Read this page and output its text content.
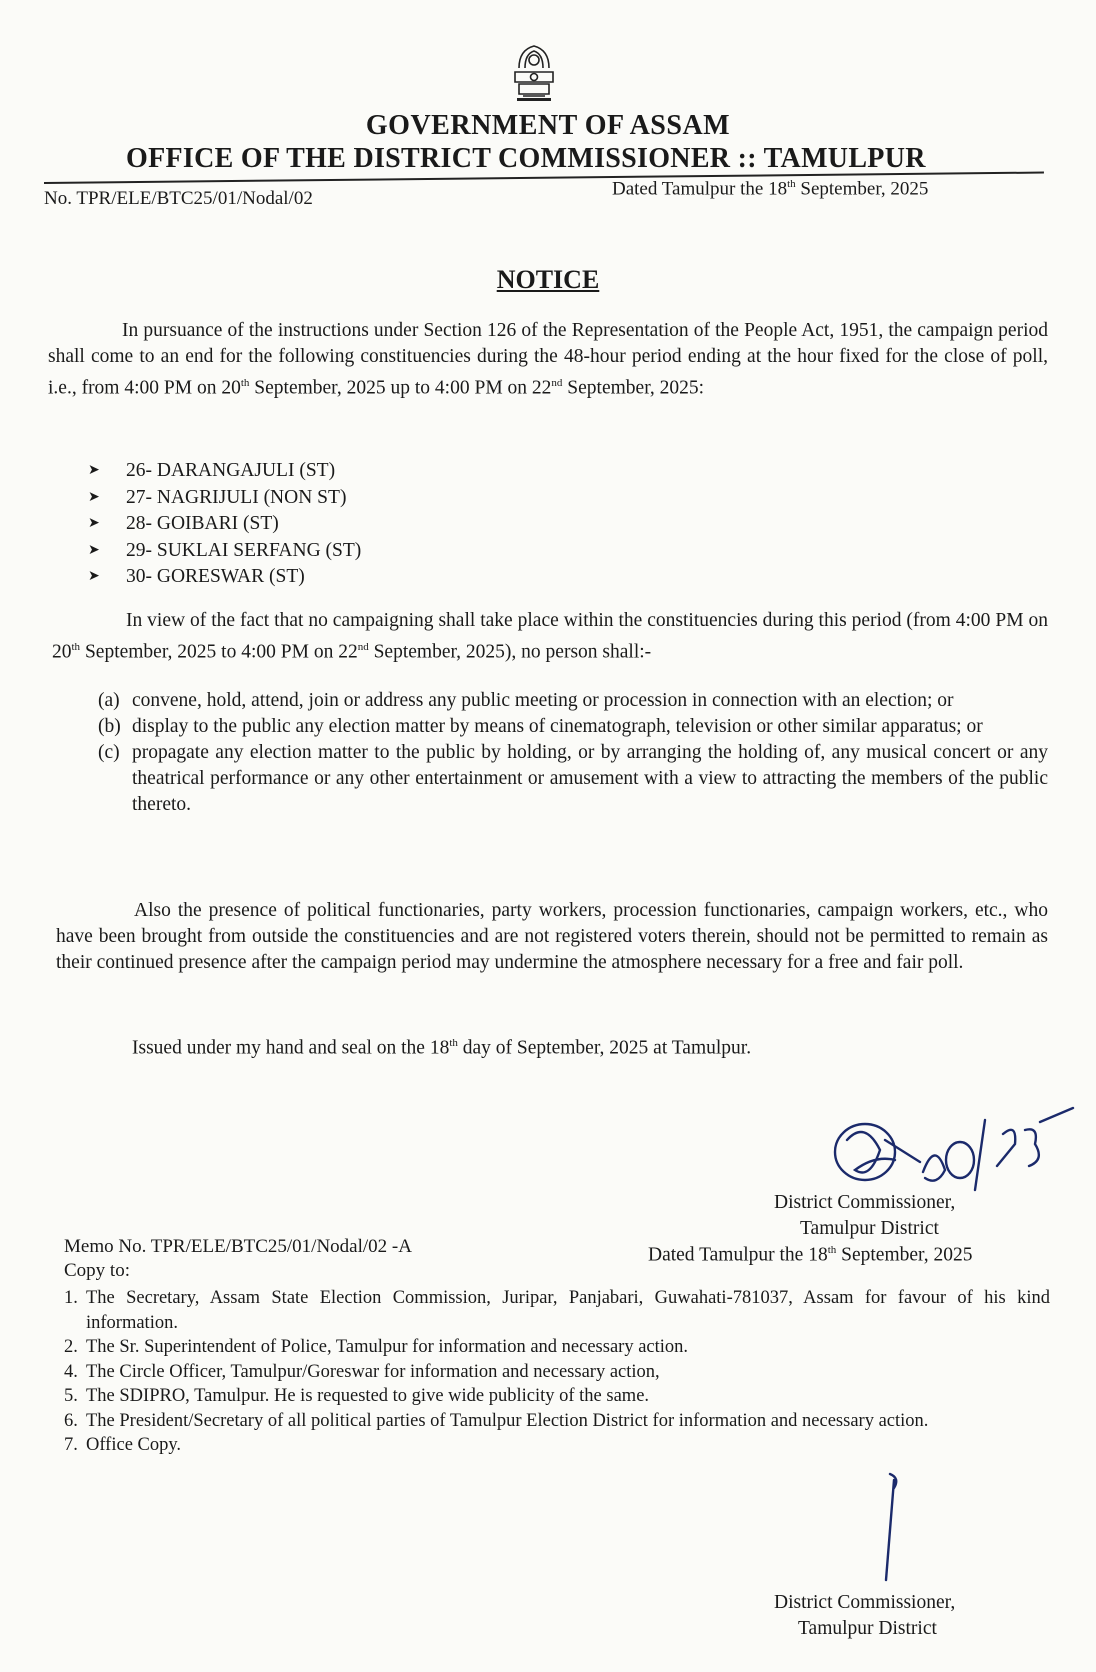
GOVERNMENT OF ASSAM
OFFICE OF THE DISTRICT COMMISSIONER :: TAMULPUR
No. TPR/ELE/BTC25/01/Nodal/02	Dated Tamulpur the 18th September, 2025
NOTICE
In pursuance of the instructions under Section 126 of the Representation of the People Act, 1951, the campaign period shall come to an end for the following constituencies during the 48-hour period ending at the hour fixed for the close of poll, i.e., from 4:00 PM on 20th September, 2025 up to 4:00 PM on 22nd September, 2025:
➤	26- DARANGAJULI (ST)
➤	27- NAGRIJULI (NON ST)
➤	28- GOIBARI (ST)
➤	29- SUKLAI SERFANG (ST)
➤	30- GORESWAR (ST)
In view of the fact that no campaigning shall take place within the constituencies during this period (from 4:00 PM on 20th September, 2025 to 4:00 PM on 22nd September, 2025), no person shall:-
(a) convene, hold, attend, join or address any public meeting or procession in connection with an election; or
(b) display to the public any election matter by means of cinematograph, television or other similar apparatus; or
(c) propagate any election matter to the public by holding, or by arranging the holding of, any musical concert or any theatrical performance or any other entertainment or amusement with a view to attracting the members of the public thereto.
Also the presence of political functionaries, party workers, procession functionaries, campaign workers, etc., who have been brought from outside the constituencies and are not registered voters therein, should not be permitted to remain as their continued presence after the campaign period may undermine the atmosphere necessary for a free and fair poll.
Issued under my hand and seal on the 18th day of September, 2025 at Tamulpur.
District Commissioner,
Tamulpur District
Memo No. TPR/ELE/BTC25/01/Nodal/02 -A
Copy to:
Dated Tamulpur the 18th September, 2025
1. The Secretary, Assam State Election Commission, Juripar, Panjabari, Guwahati-781037, Assam for favour of his kind information.
2. The Sr. Superintendent of Police, Tamulpur for information and necessary action.
4. The Circle Officer, Tamulpur/Goreswar for information and necessary action,
5. The SDIPRO, Tamulpur. He is requested to give wide publicity of the same.
6. The President/Secretary of all political parties of Tamulpur Election District for information and necessary action.
7. Office Copy.
District Commissioner,
Tamulpur District
